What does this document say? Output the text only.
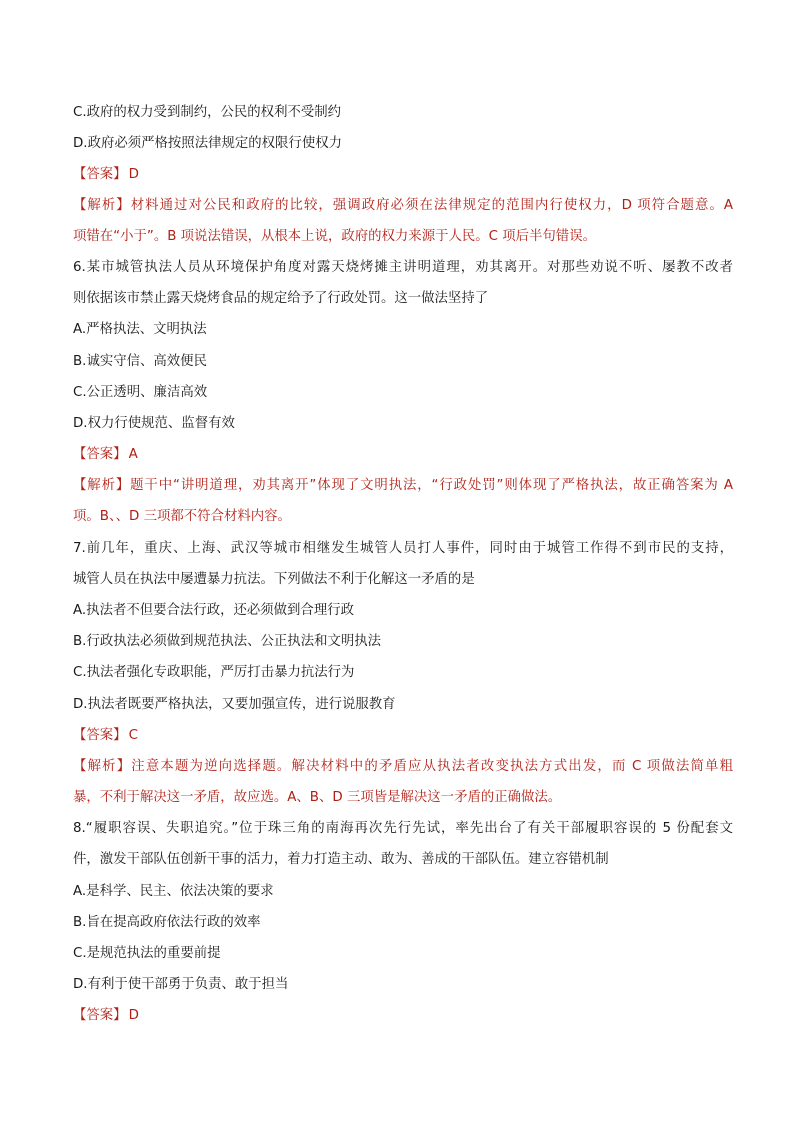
C.政府的权力受到制约，公民的权利不受制约
D.政府必须严格按照法律规定的权限行使权力
【答案】 D
【解析】材料通过对公民和政府的比较，强调政府必须在法律规定的范围内行使权力，D 项符合题意。A
项错在“小于”。B 项说法错误，从根本上说，政府的权力来源于人民。C 项后半句错误。
6.某市城管执法人员从环境保护角度对露天烧烤摊主讲明道理，劝其离开。对那些劝说不听、屡教不改者
则依据该市禁止露天烧烤食品的规定给予了行政处罚。这一做法坚持了
A.严格执法、文明执法
B.诚实守信、高效便民
C.公正透明、廉洁高效
D.权力行使规范、监督有效
【答案】 A
【解析】题干中“讲明道理，劝其离开”体现了文明执法，“行政处罚”则体现了严格执法，故正确答案为 A
项。B、、D 三项都不符合材料内容。
7.前几年，重庆、上海、武汉等城市相继发生城管人员打人事件，同时由于城管工作得不到市民的支持，
城管人员在执法中屡遭暴力抗法。下列做法不利于化解这一矛盾的是
A.执法者不但要合法行政，还必须做到合理行政
B.行政执法必须做到规范执法、公正执法和文明执法
C.执法者强化专政职能，严厉打击暴力抗法行为
D.执法者既要严格执法，又要加强宣传，进行说服教育
【答案】 C
【解析】注意本题为逆向选择题。解决材料中的矛盾应从执法者改变执法方式出发，而 C 项做法简单粗
暴，不利于解决这一矛盾，故应选。A、B、D 三项皆是解决这一矛盾的正确做法。
8.“履职容误、失职追究。”位于珠三角的南海再次先行先试，率先出台了有关干部履职容误的 5 份配套文
件，激发干部队伍创新干事的活力，着力打造主动、敢为、善成的干部队伍。建立容错机制
A.是科学、民主、依法决策的要求
B.旨在提高政府依法行政的效率
C.是规范执法的重要前提
D.有利于使干部勇于负责、敢于担当
【答案】 D
